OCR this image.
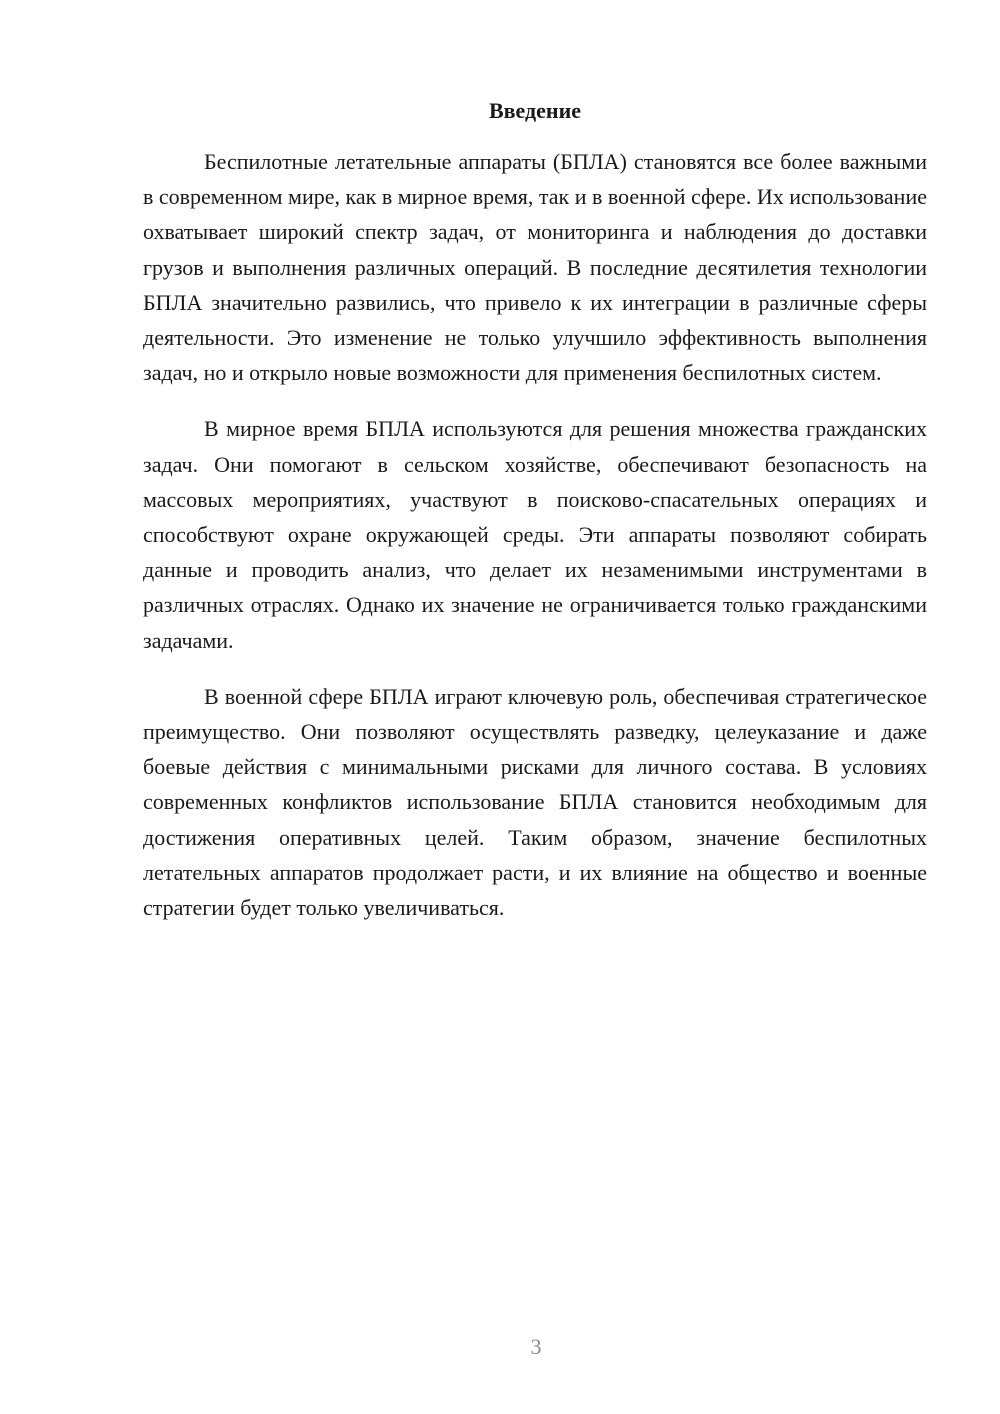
Введение

Беспилотные летательные аппараты (БПЛА) становятся все более важными в современном мире, как в мирное время, так и в военной сфере. Их использование охватывает широкий спектр задач, от мониторинга и наблюдения до доставки грузов и выполнения различных операций. В последние десятилетия технологии БПЛА значительно развились, что привело к их интеграции в различные сферы деятельности. Это изменение не только улучшило эффективность выполнения задач, но и открыло новые возможности для применения беспилотных систем.

В мирное время БПЛА используются для решения множества гражданских задач. Они помогают в сельском хозяйстве, обеспечивают безопасность на массовых мероприятиях, участвуют в поисково-спасательных операциях и способствуют охране окружающей среды. Эти аппараты позволяют собирать данные и проводить анализ, что делает их незаменимыми инструментами в различных отраслях. Однако их значение не ограничивается только гражданскими задачами.

В военной сфере БПЛА играют ключевую роль, обеспечивая стратегическое преимущество. Они позволяют осуществлять разведку, целеуказание и даже боевые действия с минимальными рисками для личного состава. В условиях современных конфликтов использование БПЛА становится необходимым для достижения оперативных целей. Таким образом, значение беспилотных летательных аппаратов продолжает расти, и их влияние на общество и военные стратегии будет только увеличиваться.

3
